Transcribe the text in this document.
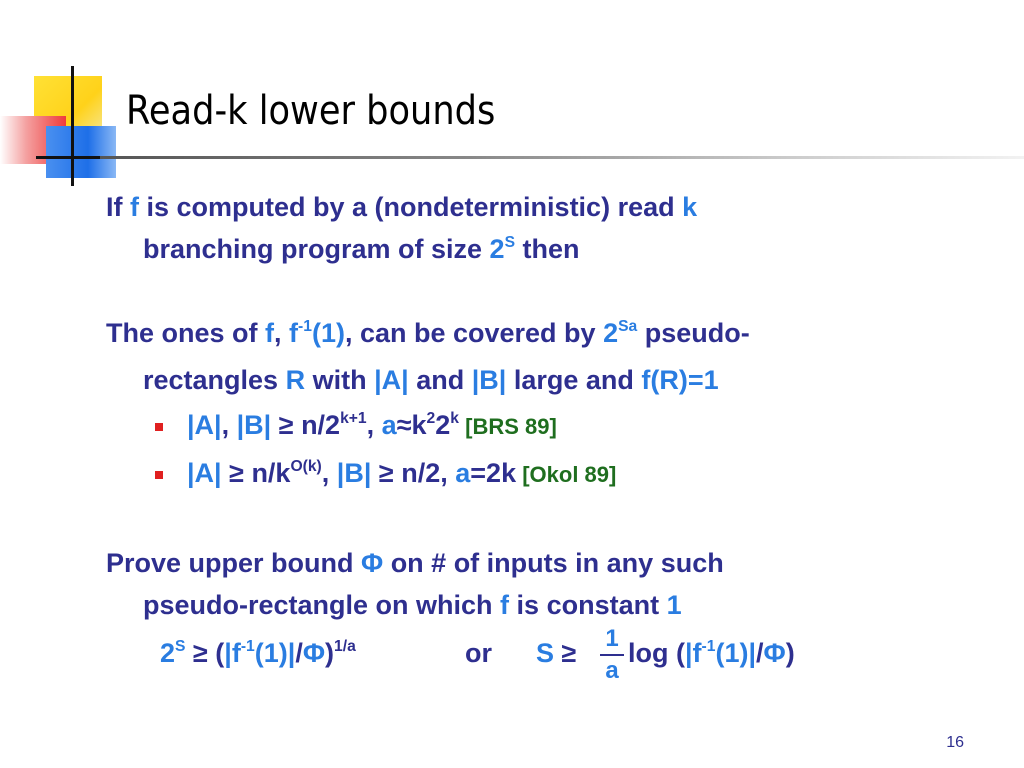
Read-k lower bounds
If f is computed by a (nondeterministic) read k
branching program of size $2^S$ then
The ones of f, $f^{-1}(1)$, can be covered by $2^{Sa}$ pseudo-
rectangles R with |A| and |B| large and f(R)=1
|A|, $|B| \ge n/2^{k+1}$, $a\approx k^22^k$ [BRS 89]
$|A| \ge n/k^{O(k)}$, |B| ≥ n/2, a=2k [Okol 89]
Prove upper bound Φ on # of inputs in any such
pseudo-rectangle on which f is constant 1
$2^S \ge (|f^{-1}(1)|/\Phi)^{1/a}$	or S ≥ 1
a
$\log (|f^{-1}(1)|/\Phi)$
16
